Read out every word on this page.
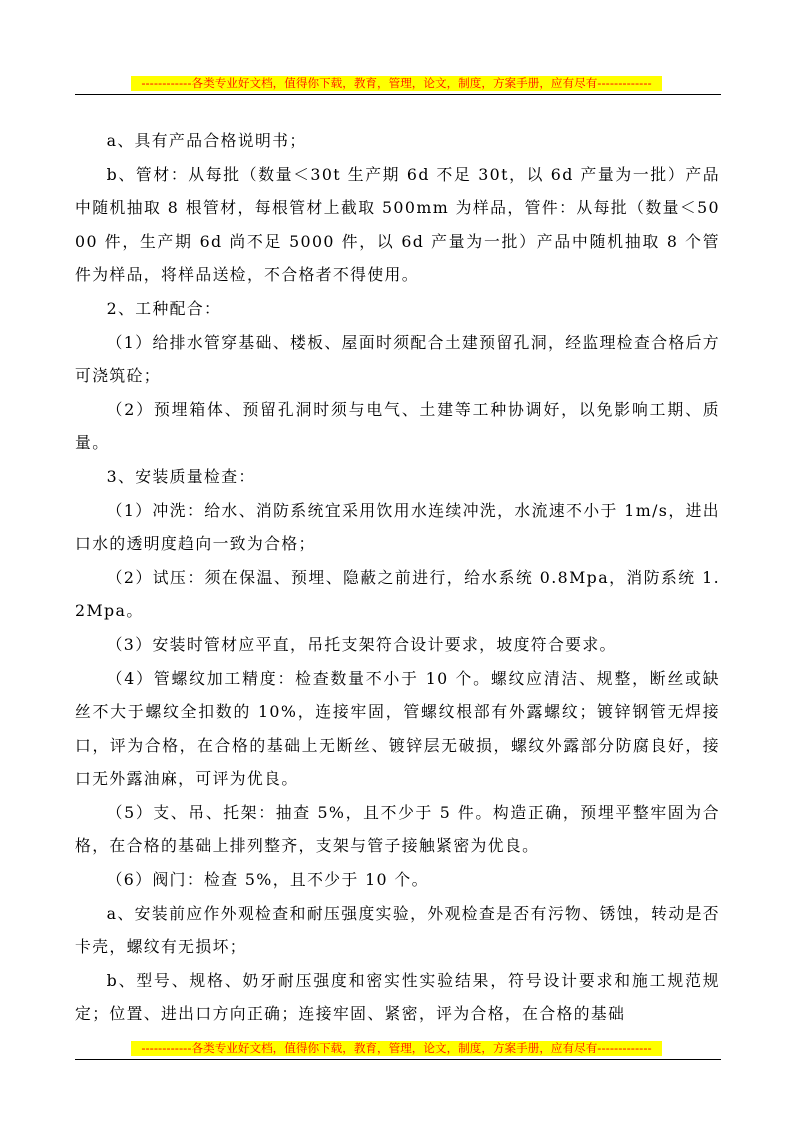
------------各类专业好文档，值得你下载，教育，管理，论文，制度，方案手册，应有尽有-------------

a、具有产品合格说明书；

b、管材：从每批（数量＜30t 生产期 6d 不足 30t，以 6d 产量为一批）产品中随机抽取 8 根管材，每根管材上截取 500mm 为样品，管件：从每批（数量＜5000 件，生产期 6d 尚不足 5000 件，以 6d 产量为一批）产品中随机抽取 8 个管件为样品，将样品送检，不合格者不得使用。

2、工种配合：

（1）给排水管穿基础、楼板、屋面时须配合土建预留孔洞，经监理检查合格后方可浇筑砼；

（2）预埋箱体、预留孔洞时须与电气、土建等工种协调好，以免影响工期、质量。

3、安装质量检查：

（1）冲洗：给水、消防系统宜采用饮用水连续冲洗，水流速不小于 1m/s，进出口水的透明度趋向一致为合格；

（2）试压：须在保温、预埋、隐蔽之前进行，给水系统 0.8Mpa，消防系统 1.2Mpa。

（3）安装时管材应平直，吊托支架符合设计要求，坡度符合要求。

（4）管螺纹加工精度：检查数量不小于 10 个。螺纹应清洁、规整，断丝或缺丝不大于螺纹全扣数的 10%，连接牢固，管螺纹根部有外露螺纹；镀锌钢管无焊接口，评为合格，在合格的基础上无断丝、镀锌层无破损，螺纹外露部分防腐良好，接口无外露油麻，可评为优良。

（5）支、吊、托架：抽查 5%，且不少于 5 件。构造正确，预埋平整牢固为合格，在合格的基础上排列整齐，支架与管子接触紧密为优良。

（6）阀门：检查 5%，且不少于 10 个。

a、安装前应作外观检查和耐压强度实验，外观检查是否有污物、锈蚀，转动是否卡壳，螺纹有无损坏；

b、型号、规格、奶牙耐压强度和密实性实验结果，符号设计要求和施工规范规定；位置、进出口方向正确；连接牢固、紧密，评为合格，在合格的基础

------------各类专业好文档，值得你下载，教育，管理，论文，制度，方案手册，应有尽有-------------
